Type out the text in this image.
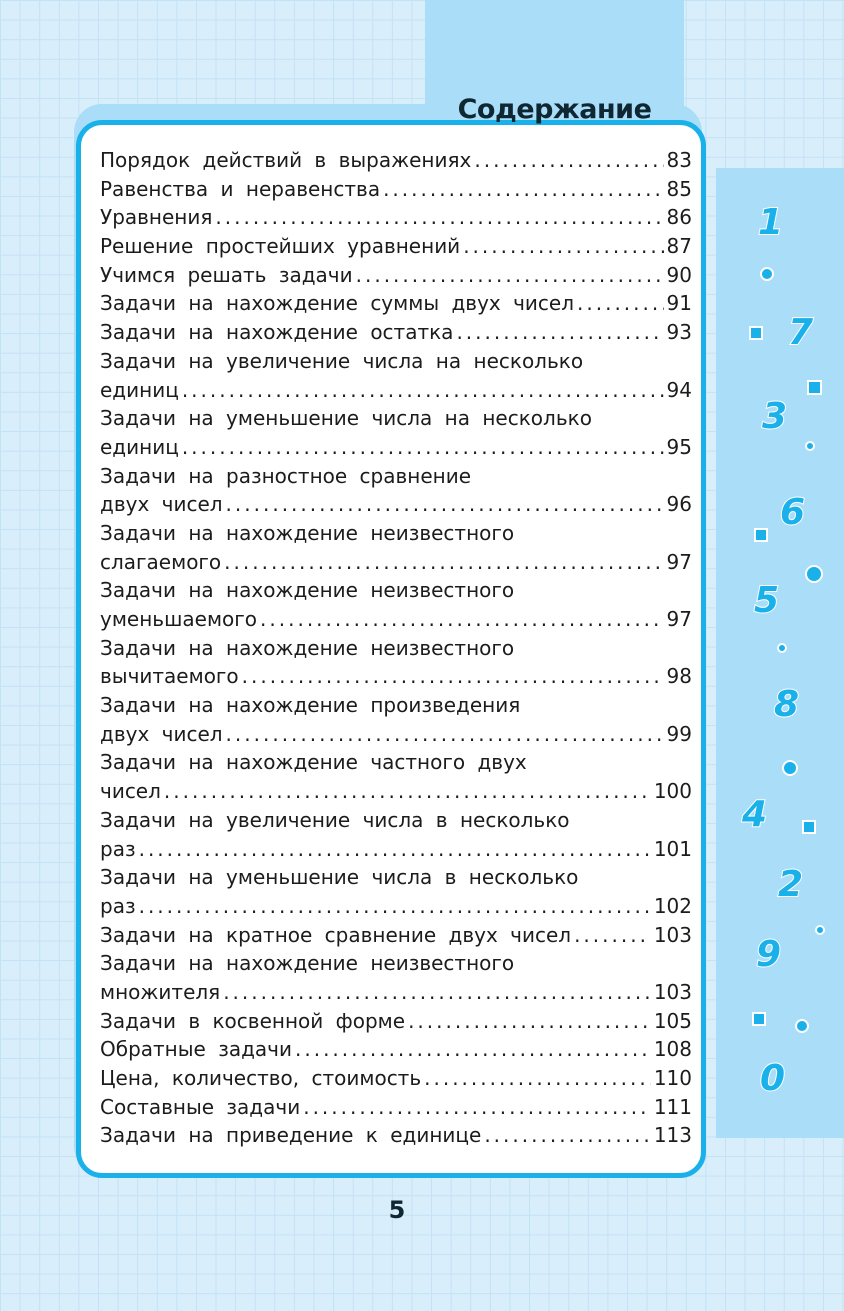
Содержание
Порядок действий в выражениях .....	83
Равенства и неравенства .....	85
Уравнения .....	86
Решение простейших уравнений .....	87
Учимся решать задачи .....	90
Задачи на нахождение суммы двух чисел .....	91
Задачи на нахождение остатка .....	93
Задачи на увеличение числа на несколько
единиц .....	94
Задачи на уменьшение числа на несколько
единиц .....	95
Задачи на разностное сравнение
двух чисел .....	96
Задачи на нахождение неизвестного
слагаемого .....	97
Задачи на нахождение неизвестного
уменьшаемого .....	97
Задачи на нахождение неизвестного
вычитаемого .....	98
Задачи на нахождение произведения
двух чисел .....	99
Задачи на нахождение частного двух
чисел .....	100
Задачи на увеличение числа в несколько
раз .....	101
Задачи на уменьшение числа в несколько
раз .....	102
Задачи на кратное сравнение двух чисел .....	103
Задачи на нахождение неизвестного
множителя .....	103
Задачи в косвенной форме .....	105
Обратные задачи .....	108
Цена, количество, стоимость .....	110
Составные задачи .....	111
Задачи на приведение к единице .....	113
1
7
3
6
5
8
4
2
9
0
5
